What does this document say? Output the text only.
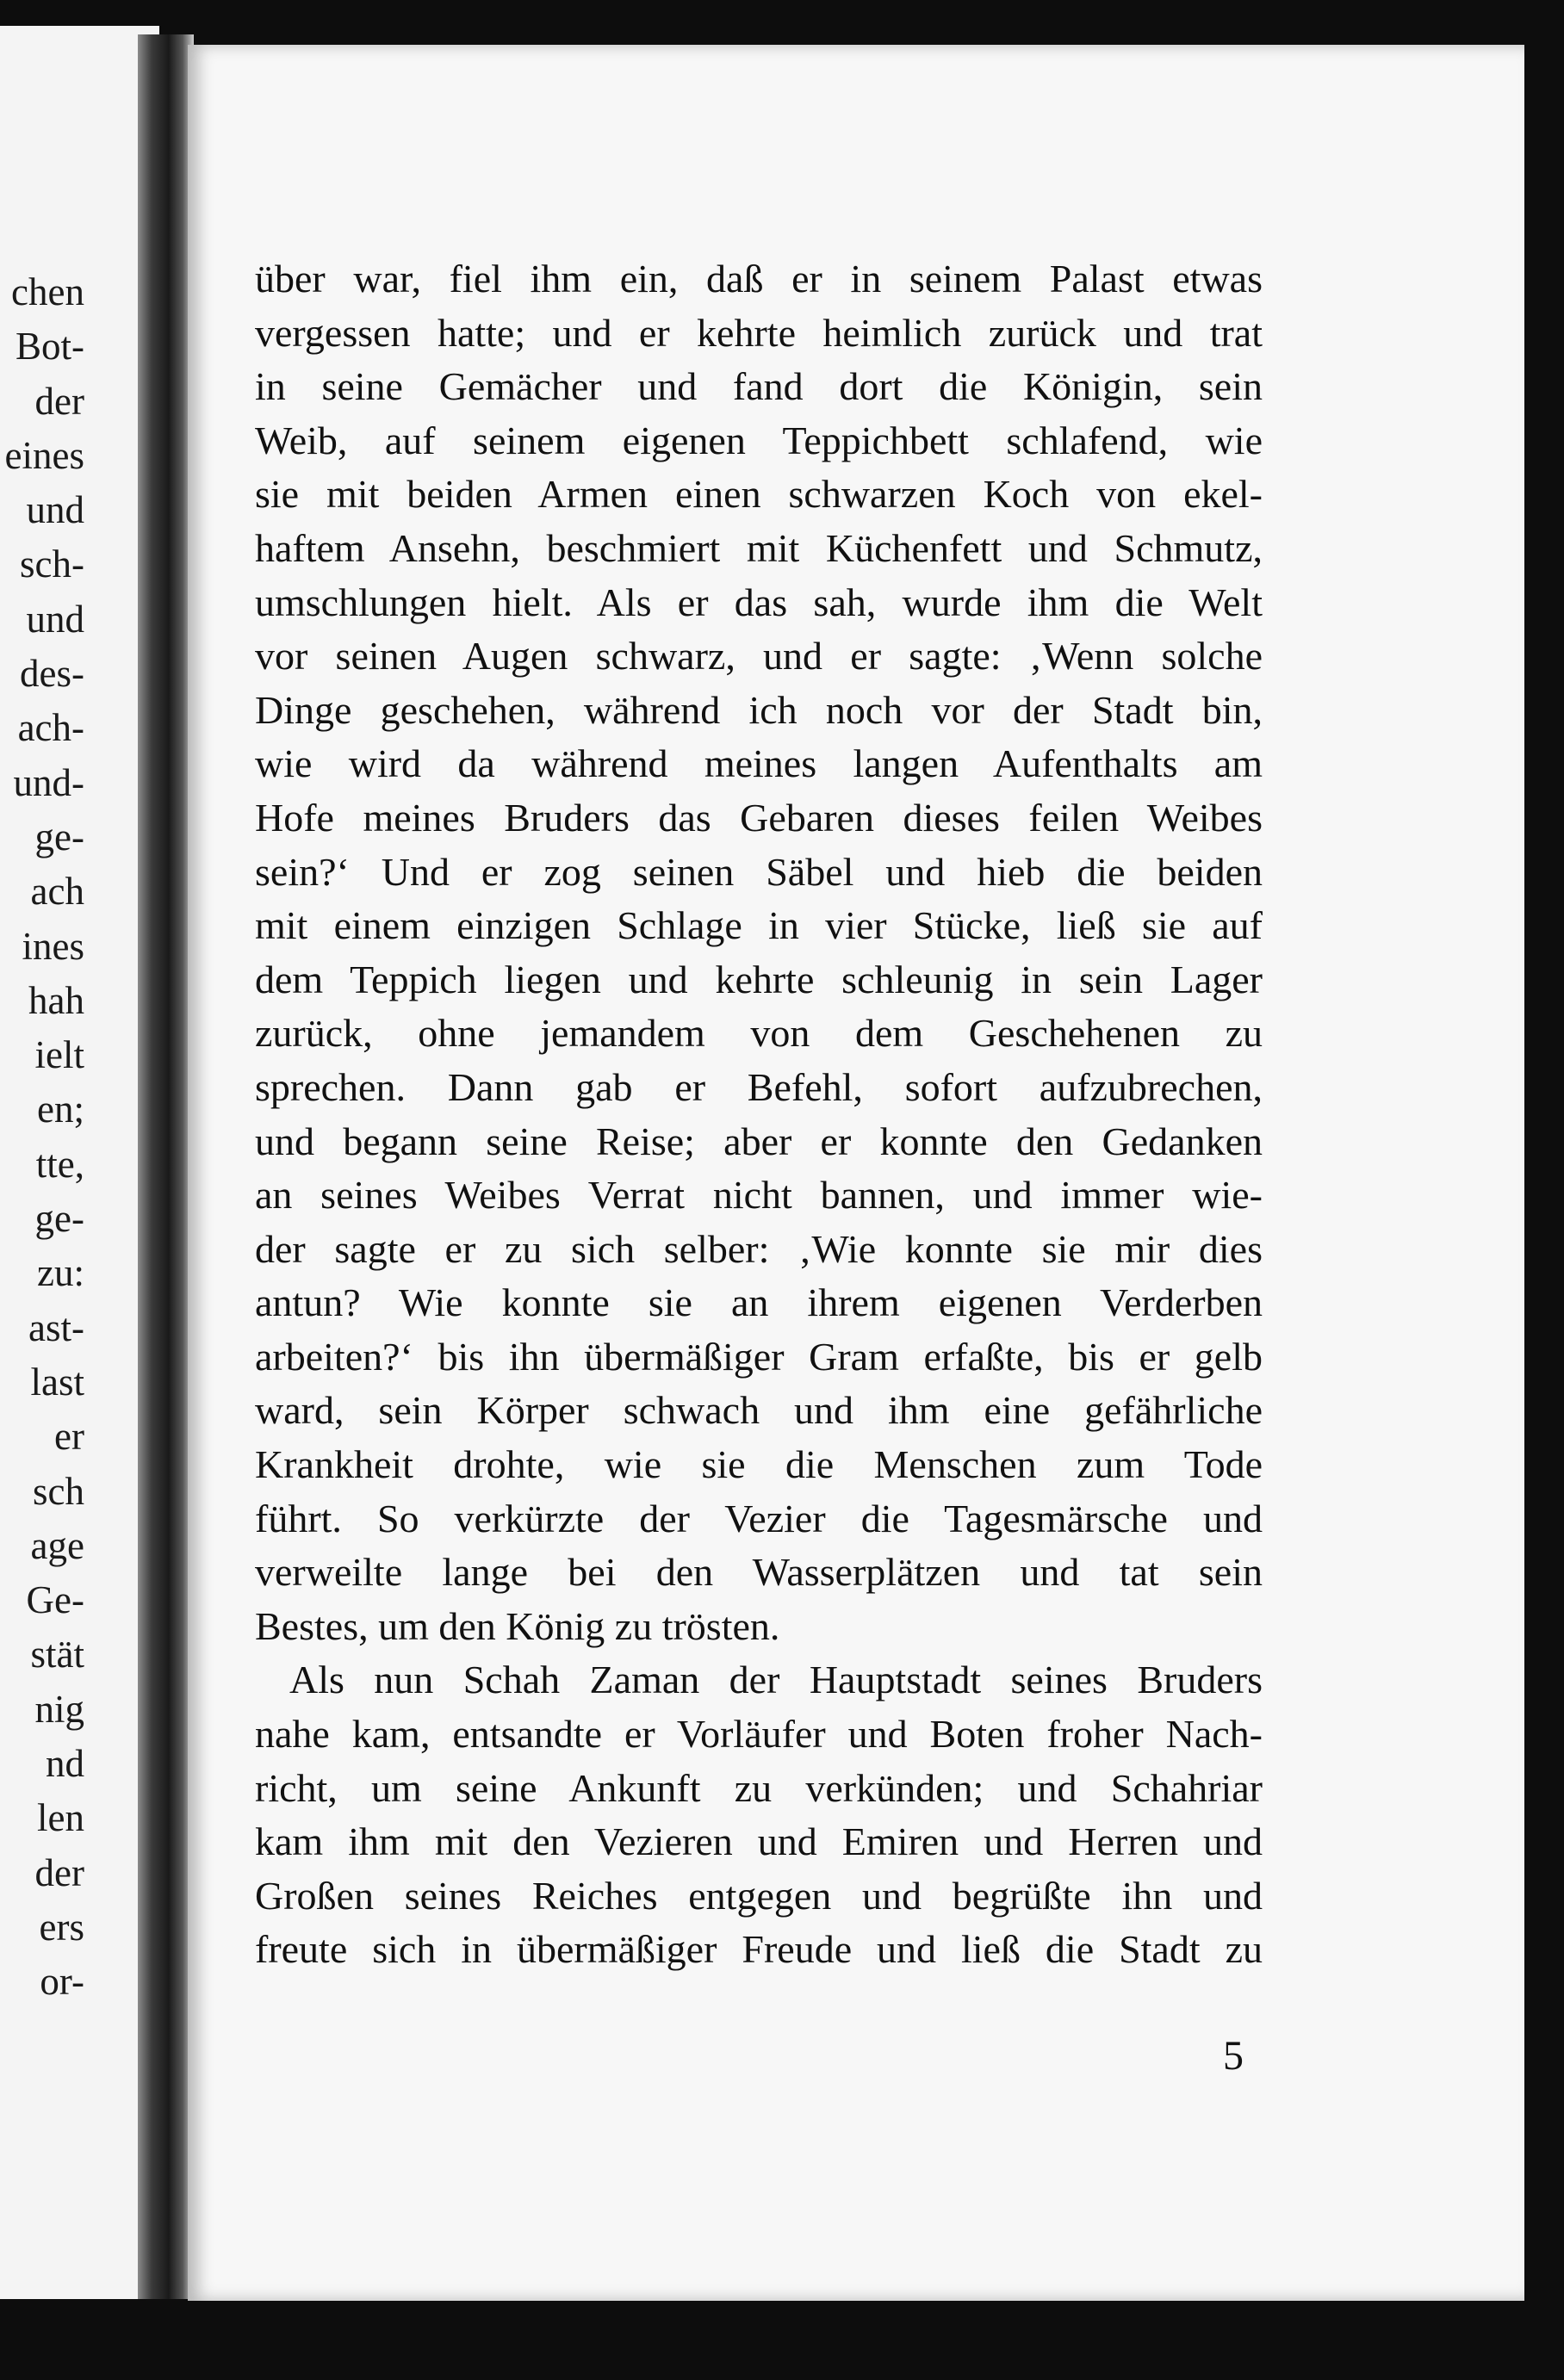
chen
Bot-
der
eines
und
sch-
und
des-
ach-
und-
ge-
ach
ines
hah
ielt
en;
tte,
ge-
zu:
ast-
last
er
sch
age
Ge-
stät
nig
nd
len
der
ers
or-
über war, fiel ihm ein, daß er in seinem Palast etwas
vergessen hatte; und er kehrte heimlich zurück und trat
in seine Gemächer und fand dort die Königin, sein
Weib, auf seinem eigenen Teppichbett schlafend, wie
sie mit beiden Armen einen schwarzen Koch von ekel-
haftem Ansehn, beschmiert mit Küchenfett und Schmutz,
umschlungen hielt. Als er das sah, wurde ihm die Welt
vor seinen Augen schwarz, und er sagte: ‚Wenn solche
Dinge geschehen, während ich noch vor der Stadt bin,
wie wird da während meines langen Aufenthalts am
Hofe meines Bruders das Gebaren dieses feilen Weibes
sein?‘ Und er zog seinen Säbel und hieb die beiden
mit einem einzigen Schlage in vier Stücke, ließ sie auf
dem Teppich liegen und kehrte schleunig in sein Lager
zurück, ohne jemandem von dem Geschehenen zu
sprechen. Dann gab er Befehl, sofort aufzubrechen,
und begann seine Reise; aber er konnte den Gedanken
an seines Weibes Verrat nicht bannen, und immer wie-
der sagte er zu sich selber: ‚Wie konnte sie mir dies
antun? Wie konnte sie an ihrem eigenen Verderben
arbeiten?‘ bis ihn übermäßiger Gram erfaßte, bis er gelb
ward, sein Körper schwach und ihm eine gefährliche
Krankheit drohte, wie sie die Menschen zum Tode
führt. So verkürzte der Vezier die Tagesmärsche und
verweilte lange bei den Wasserplätzen und tat sein
Bestes, um den König zu trösten.
Als nun Schah Zaman der Hauptstadt seines Bruders
nahe kam, entsandte er Vorläufer und Boten froher Nach-
richt, um seine Ankunft zu verkünden; und Schahriar
kam ihm mit den Vezieren und Emiren und Herren und
Großen seines Reiches entgegen und begrüßte ihn und
freute sich in übermäßiger Freude und ließ die Stadt zu
5
